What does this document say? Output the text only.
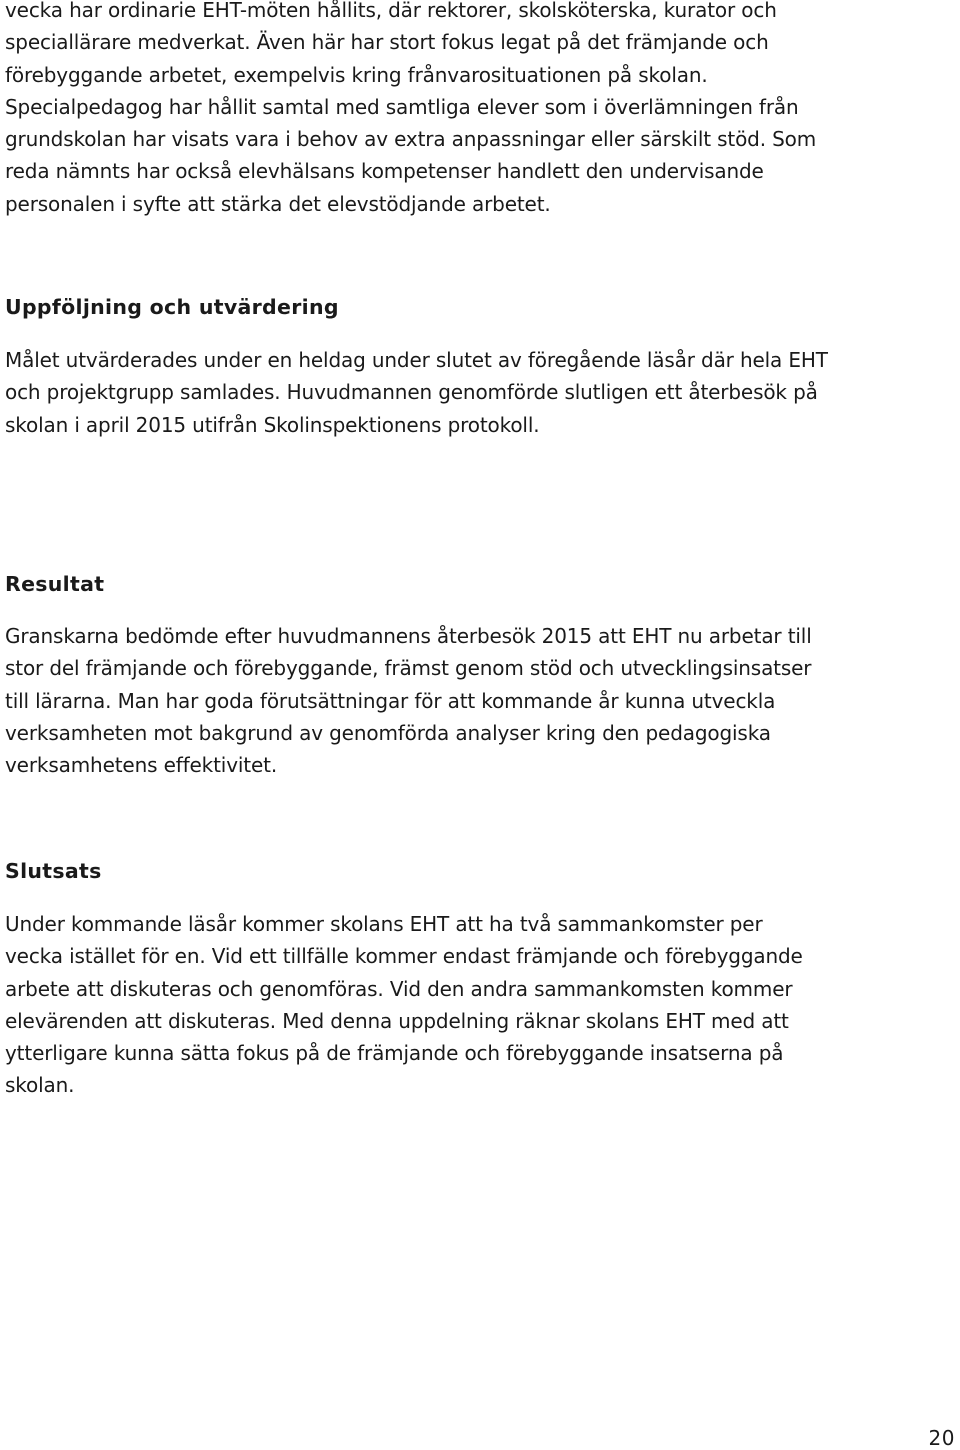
vecka har ordinarie EHT-möten hållits, där rektorer, skolsköterska, kurator och
speciallärare medverkat. Även här har stort fokus legat på det främjande och
förebyggande arbetet, exempelvis kring frånvarosituationen på skolan.
Specialpedagog har hållit samtal med samtliga elever som i överlämningen från
grundskolan har visats vara i behov av extra anpassningar eller särskilt stöd. Som
reda nämnts har också elevhälsans kompetenser handlett den undervisande
personalen i syfte att stärka det elevstödjande arbetet.

Uppföljning och utvärdering

Målet utvärderades under en heldag under slutet av föregående läsår där hela EHT
och projektgrupp samlades. Huvudmannen genomförde slutligen ett återbesök på
skolan i april 2015 utifrån Skolinspektionens protokoll.

Resultat

Granskarna bedömde efter huvudmannens återbesök 2015 att EHT nu arbetar till
stor del främjande och förebyggande, främst genom stöd och utvecklingsinsatser
till lärarna. Man har goda förutsättningar för att kommande år kunna utveckla
verksamheten mot bakgrund av genomförda analyser kring den pedagogiska
verksamhetens effektivitet.

Slutsats

Under kommande läsår kommer skolans EHT att ha två sammankomster per
vecka istället för en. Vid ett tillfälle kommer endast främjande och förebyggande
arbete att diskuteras och genomföras. Vid den andra sammankomsten kommer
elevärenden att diskuteras. Med denna uppdelning räknar skolans EHT med att
ytterligare kunna sätta fokus på de främjande och förebyggande insatserna på
skolan.

20
